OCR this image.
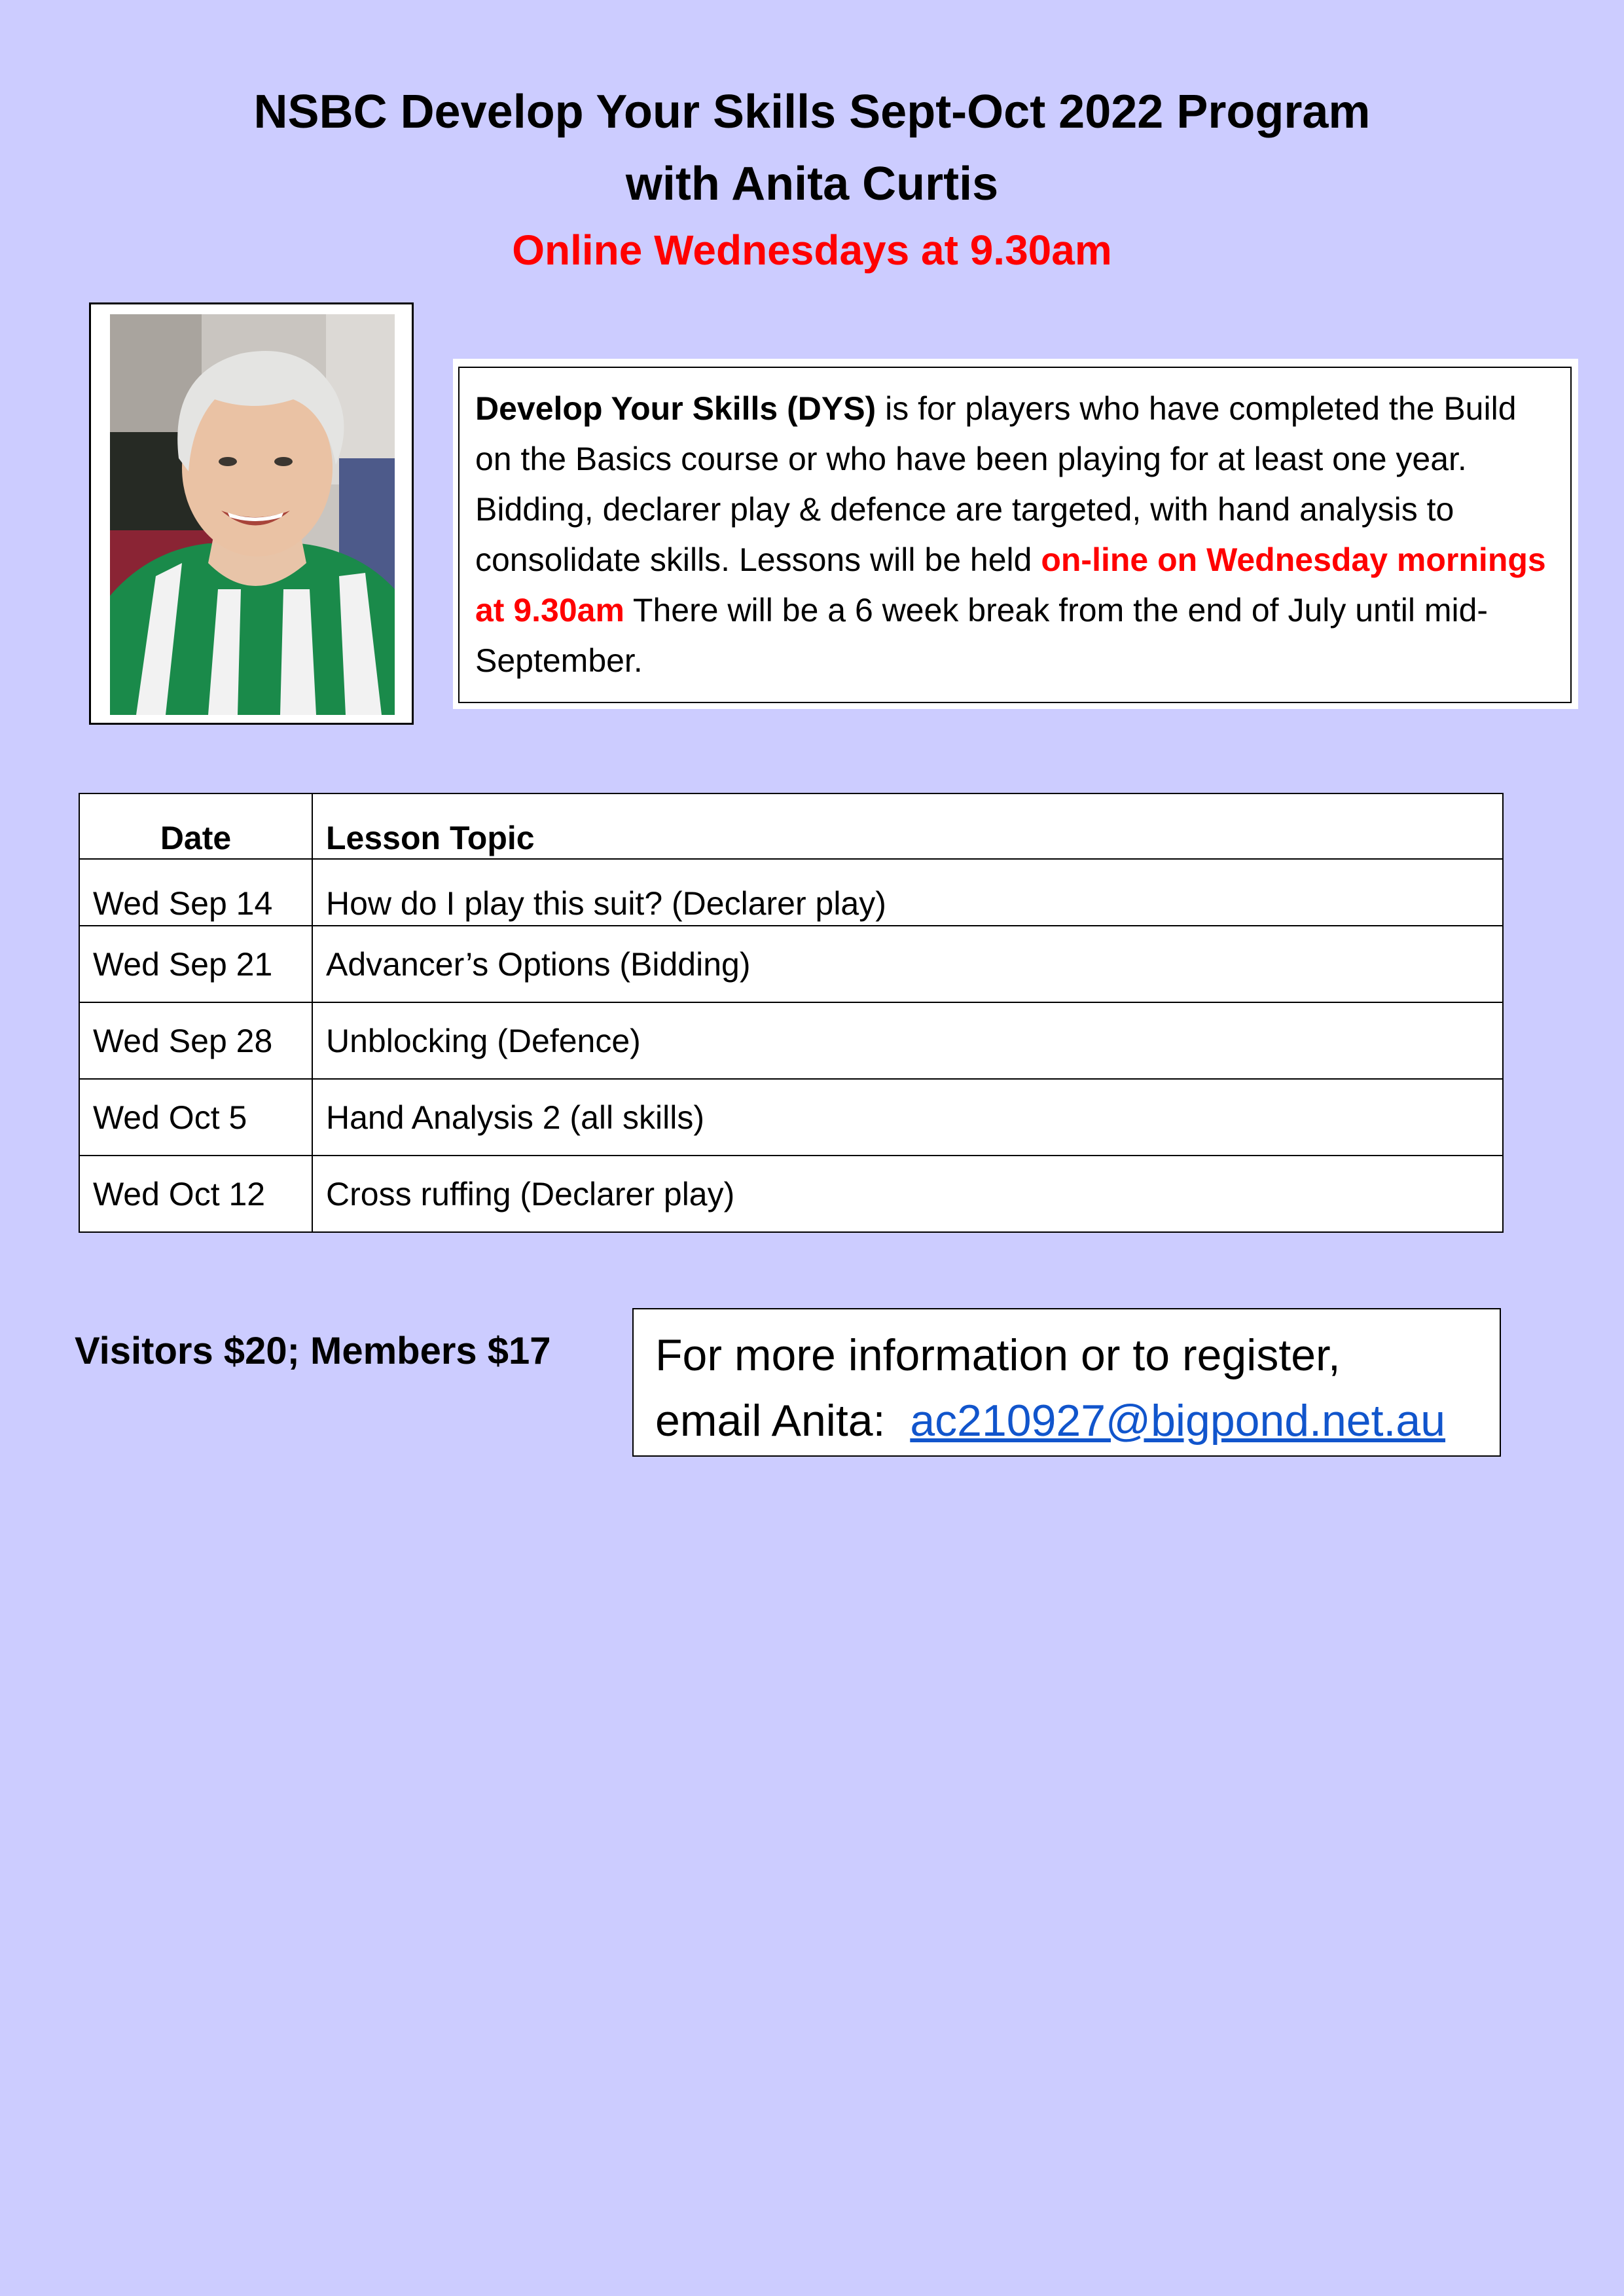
NSBC Develop Your Skills Sept-Oct 2022 Program
with Anita Curtis
Online Wednesdays at 9.30am
Develop Your Skills (DYS) is for players who have completed the Build on the Basics course or who have been playing for at least one year. Bidding, declarer play & defence are targeted, with hand analysis to consolidate skills. Lessons will be held on-line on Wednesday mornings at 9.30am There will be a 6 week break from the end of July until mid-September.
Date	Lesson Topic
Wed Sep 14	How do I play this suit? (Declarer play)
Wed Sep 21	Advancer’s Options (Bidding)
Wed Sep 28	Unblocking (Defence)
Wed Oct 5	Hand Analysis 2 (all skills)
Wed Oct 12	Cross ruffing (Declarer play)
Visitors $20; Members $17 For more information or to register,
email Anita:  ac210927@bigpond.net.au
